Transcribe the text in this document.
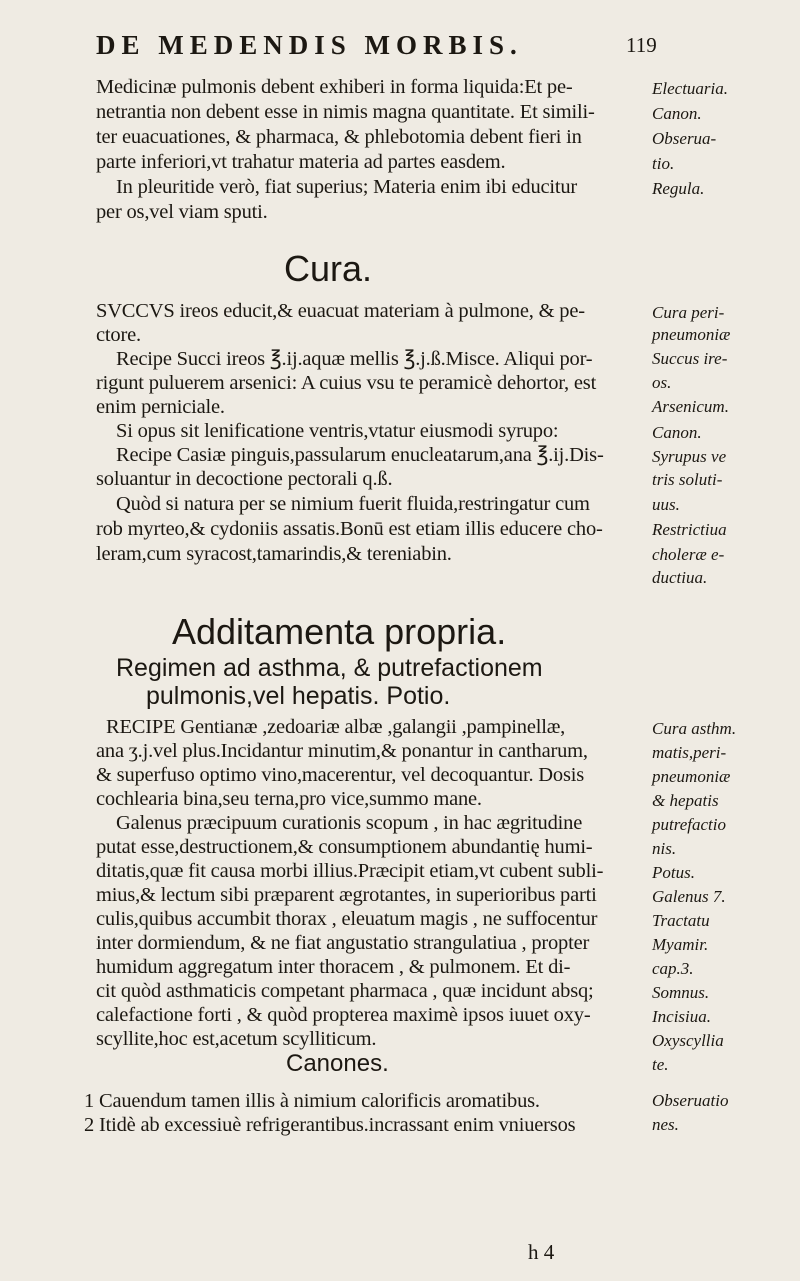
DE MEDENDIS MORBIS.	119
Medicinæ pulmonis debent exhiberi in forma liquida:Et pe-
netrantia non debent esse in nimis magna quantitate. Et simili-
ter euacuationes, & pharmaca, & phlebotomia debent fieri in
parte inferiori,vt trahatur materia ad partes easdem.
In pleuritide verò, fiat superius; Materia enim ibi educitur
per os,vel viam sputi.
Cura.
SVCCVS ireos educit,& euacuat materiam à pulmone, & pe-
ctore.
Recipe Succi ireos ℥.ij.aquæ mellis ℥.j.ß.Misce. Aliqui por-
rigunt puluerem arsenici: A cuius vsu te peramicè dehortor, est
enim perniciale.
Si opus sit lenificatione ventris,vtatur eiusmodi syrupo:
Recipe Casiæ pinguis,passularum enucleatarum,ana ℥.ij.Dis-
soluantur in decoctione pectorali q.ß.
Quòd si natura per se nimium fuerit fluida,restringatur cum
rob myrteo,& cydoniis assatis.Bonū est etiam illis educere cho-
leram,cum syracost,tamarindis,& tereniabin.
Additamenta propria.
Regimen ad asthma, & putrefactionem
pulmonis,vel hepatis. Potio.
RECIPE Gentianæ ,zedoariæ albæ ,galangii ,pampinellæ,
ana ʒ.j.vel plus.Incidantur minutim,& ponantur in cantharum,
& superfuso optimo vino,macerentur, vel decoquantur. Dosis
cochlearia bina,seu terna,pro vice,summo mane.
Galenus præcipuum curationis scopum , in hac ægritudine
putat esse,destructionem,& consumptionem abundantię humi-
ditatis,quæ fit causa morbi illius.Præcipit etiam,vt cubent subli-
mius,& lectum sibi præparent ægrotantes, in superioribus parti
culis,quibus accumbit thorax , eleuatum magis , ne suffocentur
inter dormiendum, & ne fiat angustatio strangulatiua , propter
humidum aggregatum inter thoracem , & pulmonem. Et di-
cit quòd asthmaticis competant pharmaca , quæ incidunt absq;
calefactione forti , & quòd propterea maximè ipsos iuuet oxy-
scyllite,hoc est,acetum scylliticum.
Canones.
1 Cauendum tamen illis à nimium calorificis aromatibus.
2 Itidè ab excessiuè refrigerantibus.incrassant enim vniuersos
Electuaria.
Canon.
Obserua-
tio.
Regula.
Cura peri-
pneumoniæ
Succus ire-
os.
Arsenicum.
Canon.
Syrupus ve
tris soluti-
uus.
Restrictiua
choleræ e-
ductiua.
Cura asthm.
matis,peri-
pneumoniæ
& hepatis
putrefactio
nis.
Potus.
Galenus 7.
Tractatu
Myamir.
cap.3.
Somnus.
Incisiua.
Oxyscyllia
te.
Obseruatio
nes.
h 4
